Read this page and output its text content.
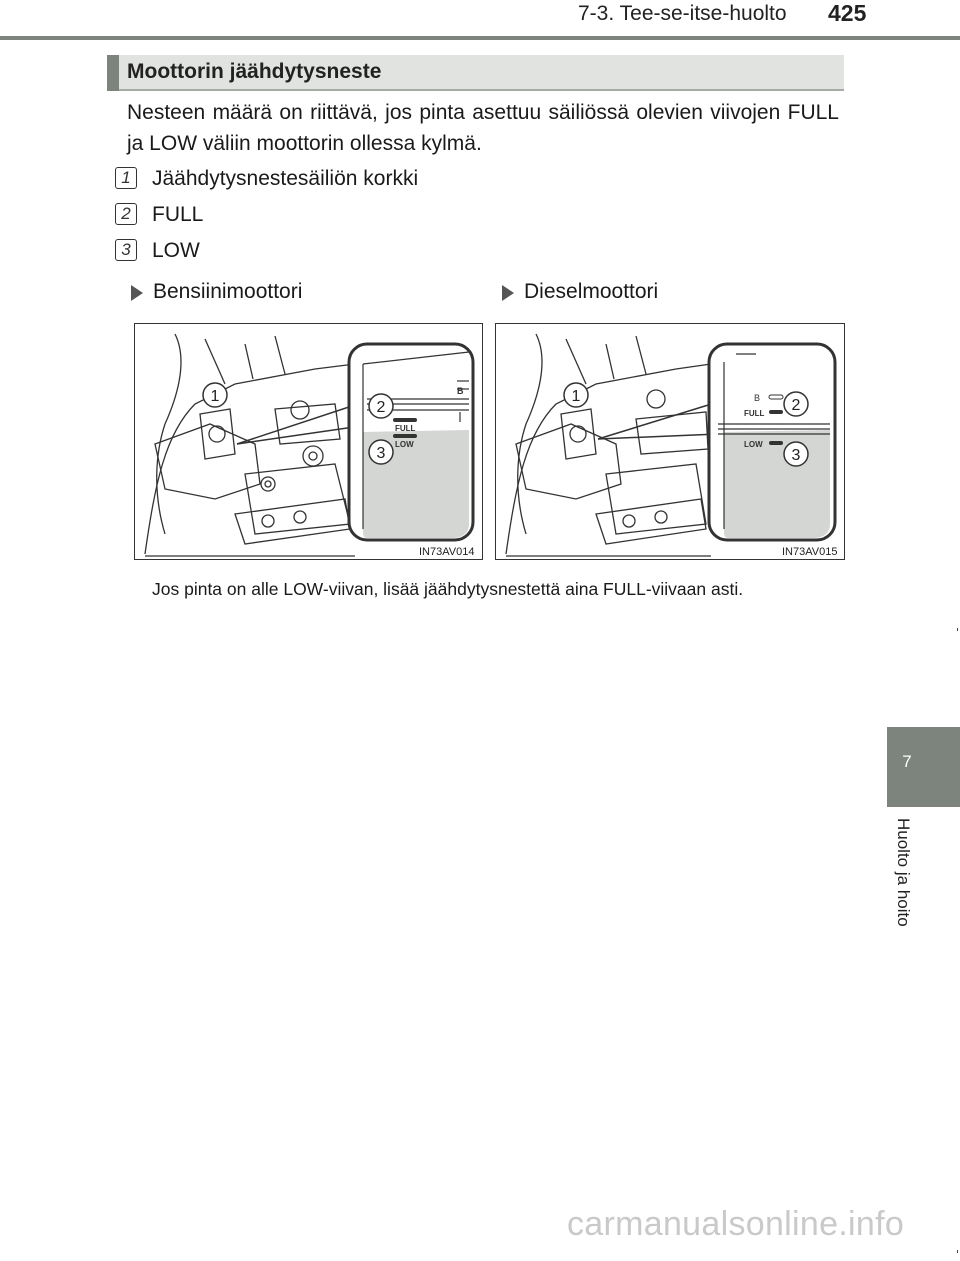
7-3. Tee-se-itse-huolto 425
Moottorin jäähdytysneste
Nesteen määrä on riittävä, jos pinta asettuu säiliössä olevien viivojen FULL ja LOW väliin moottorin ollessa kylmä.
1 Jäähdytysnestesäiliön korkki
2 FULL
3 LOW
Bensiinimoottori	Dieselmoottori
B
FULL
LOW
1
2
3
IN73AV014
B
FULL
LOW
1
2
3
IN73AV015
Jos pinta on alle LOW-viivan, lisää jäähdytysnestettä aina FULL-viivaan asti.
7
Huolto ja hoito
carmanualsonline.info
